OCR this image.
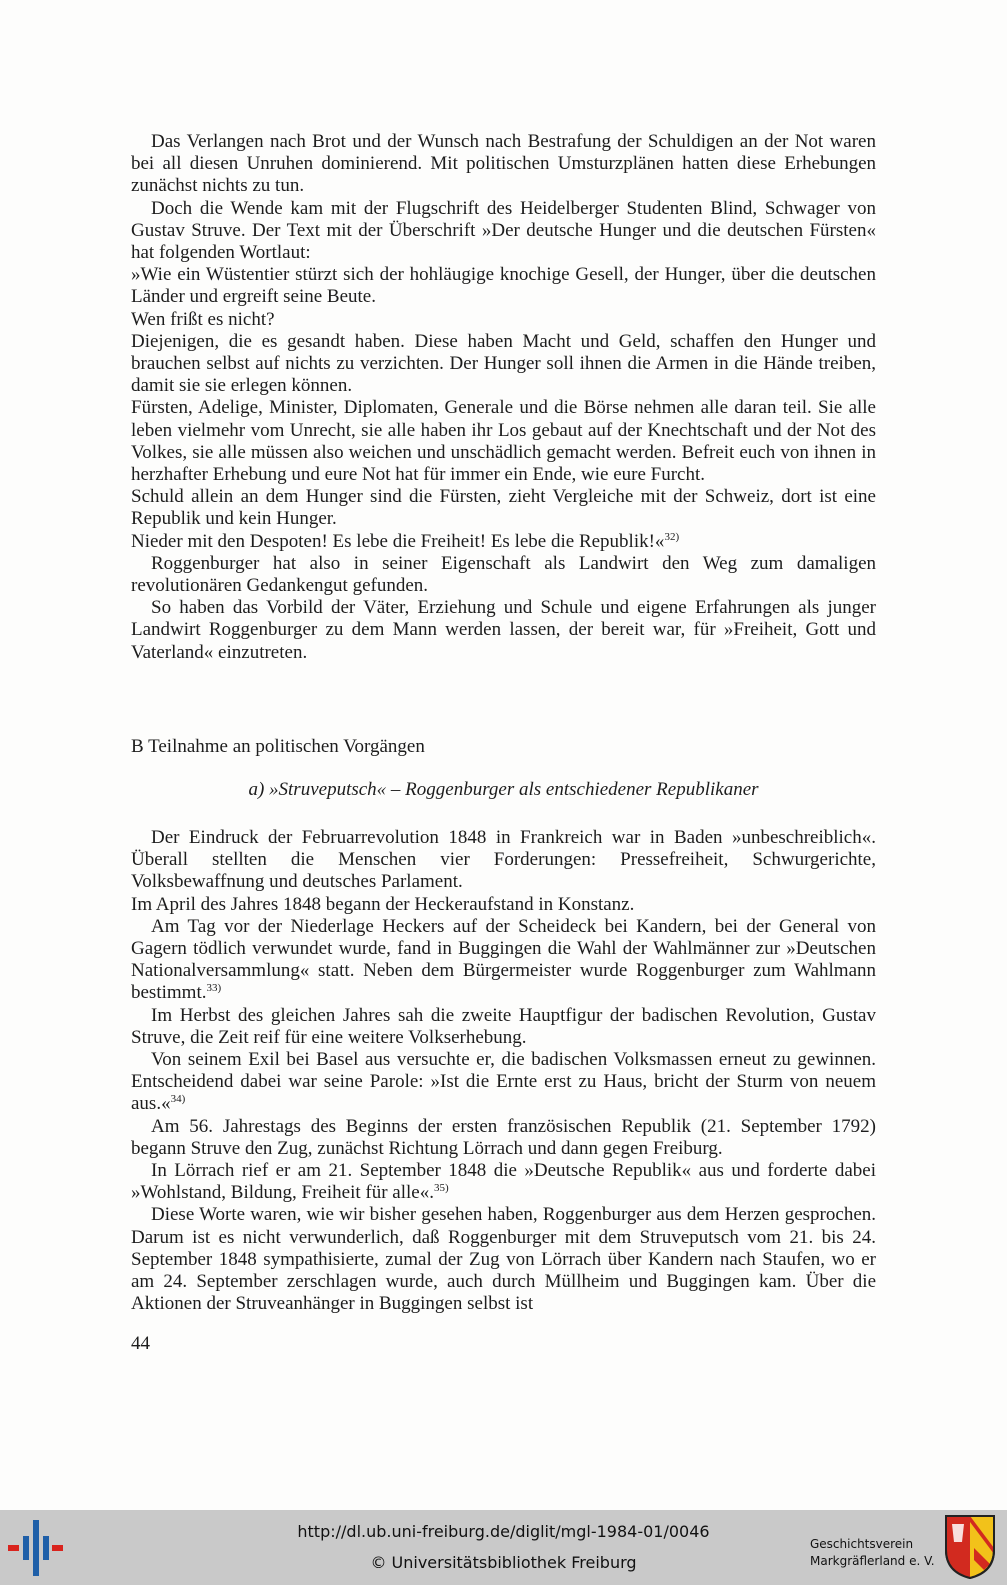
Das Verlangen nach Brot und der Wunsch nach Bestrafung der Schuldigen an der Not waren bei all diesen Unruhen dominierend. Mit politischen Umsturzplänen hatten diese Erhebungen zunächst nichts zu tun.

Doch die Wende kam mit der Flugschrift des Heidelberger Studenten Blind, Schwager von Gustav Struve. Der Text mit der Überschrift »Der deutsche Hunger und die deutschen Fürsten« hat folgenden Wortlaut:

»Wie ein Wüstentier stürzt sich der hohläugige knochige Gesell, der Hunger, über die deutschen Länder und ergreift seine Beute.

Wen frißt es nicht?

Diejenigen, die es gesandt haben. Diese haben Macht und Geld, schaffen den Hunger und brauchen selbst auf nichts zu verzichten. Der Hunger soll ihnen die Armen in die Hände treiben, damit sie sie erlegen können.

Fürsten, Adelige, Minister, Diplomaten, Generale und die Börse nehmen alle daran teil. Sie alle leben vielmehr vom Unrecht, sie alle haben ihr Los gebaut auf der Knechtschaft und der Not des Volkes, sie alle müssen also weichen und unschädlich gemacht werden. Befreit euch von ihnen in herzhafter Erhebung und eure Not hat für immer ein Ende, wie eure Furcht.

Schuld allein an dem Hunger sind die Fürsten, zieht Vergleiche mit der Schweiz, dort ist eine Republik und kein Hunger.

Nieder mit den Despoten! Es lebe die Freiheit! Es lebe die Republik!«$^{32)}$

Roggenburger hat also in seiner Eigenschaft als Landwirt den Weg zum damaligen revolutionären Gedankengut gefunden.

So haben das Vorbild der Väter, Erziehung und Schule und eigene Erfahrungen als junger Landwirt Roggenburger zu dem Mann werden lassen, der bereit war, für »Freiheit, Gott und Vaterland« einzutreten.

B Teilnahme an politischen Vorgängen
a) »Struveputsch« – Roggenburger als entschiedener Republikaner

Der Eindruck der Februarrevolution 1848 in Frankreich war in Baden »unbeschreiblich«. Überall stellten die Menschen vier Forderungen: Pressefreiheit, Schwurgerichte, Volksbewaffnung und deutsches Parlament.

Im April des Jahres 1848 begann der Heckeraufstand in Konstanz.

Am Tag vor der Niederlage Heckers auf der Scheideck bei Kandern, bei der General von Gagern tödlich verwundet wurde, fand in Buggingen die Wahl der Wahlmänner zur »Deutschen Nationalversammlung« statt. Neben dem Bürgermeister wurde Roggenburger zum Wahlmann bestimmt.$^{33)}$

Im Herbst des gleichen Jahres sah die zweite Hauptfigur der badischen Revolution, Gustav Struve, die Zeit reif für eine weitere Volkserhebung.

Von seinem Exil bei Basel aus versuchte er, die badischen Volksmassen erneut zu gewinnen. Entscheidend dabei war seine Parole: »Ist die Ernte erst zu Haus, bricht der Sturm von neuem aus.«$^{34)}$

Am 56. Jahrestags des Beginns der ersten französischen Republik (21. September 1792) begann Struve den Zug, zunächst Richtung Lörrach und dann gegen Freiburg.

In Lörrach rief er am 21. September 1848 die »Deutsche Republik« aus und forderte dabei »Wohlstand, Bildung, Freiheit für alle«.$^{35)}$

Diese Worte waren, wie wir bisher gesehen haben, Roggenburger aus dem Herzen gesprochen. Darum ist es nicht verwunderlich, daß Roggenburger mit dem Struveputsch vom 21. bis 24. September 1848 sympathisierte, zumal der Zug von Lörrach über Kandern nach Staufen, wo er am 24. September zerschlagen wurde, auch durch Müllheim und Buggingen kam. Über die Aktionen der Struveanhänger in Buggingen selbst ist

44
http://dl.ub.uni-freiburg.de/diglit/mgl-1984-01/0046
© Universitätsbibliothek Freiburg
Geschichtsverein
Markgräflerland e. V.
